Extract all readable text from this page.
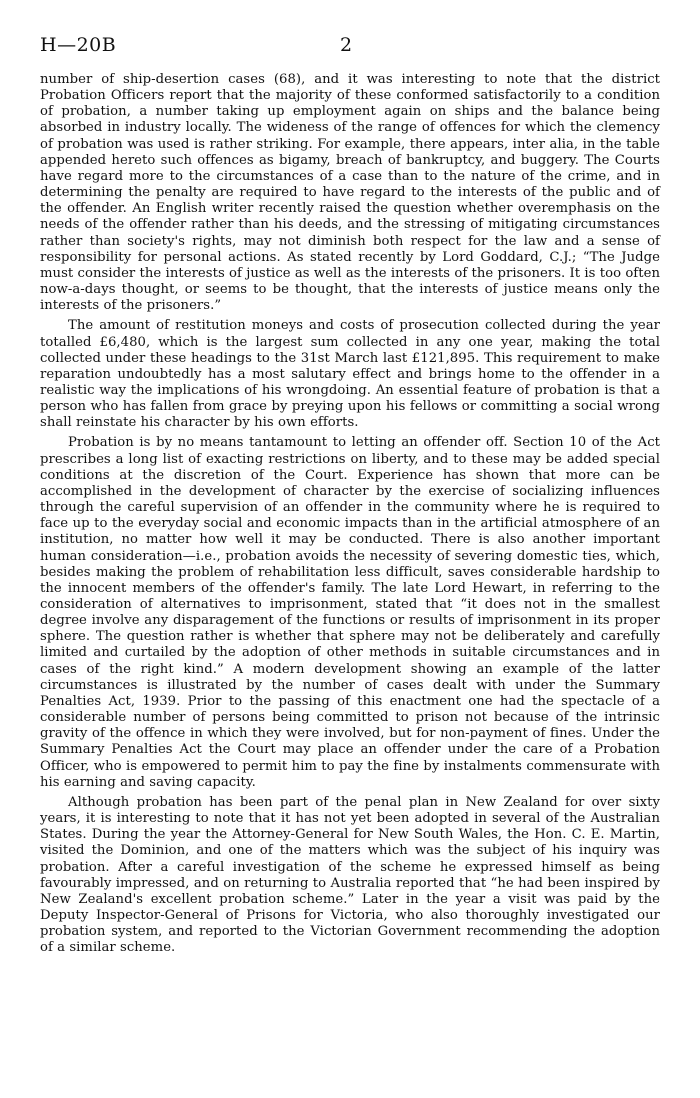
H—20B	2

number of ship-desertion cases (68), and it was interesting to note that the district Probation Officers report that the majority of these conformed satisfactorily to a condition of probation, a number taking up employment again on ships and the balance being absorbed in industry locally. The wideness of the range of offences for which the clemency of probation was used is rather striking. For example, there appears, inter alia, in the table appended hereto such offences as bigamy, breach of bankruptcy, and buggery. The Courts have regard more to the circumstances of a case than to the nature of the crime, and in determining the penalty are required to have regard to the interests of the public and of the offender. An English writer recently raised the question whether overemphasis on the needs of the offender rather than his deeds, and the stressing of mitigating circumstances rather than society's rights, may not diminish both respect for the law and a sense of responsibility for personal actions. As stated recently by Lord Goddard, C.J.; “The Judge must consider the interests of justice as well as the interests of the prisoners. It is too often now-a-days thought, or seems to be thought, that the interests of justice means only the interests of the prisoners.”

The amount of restitution moneys and costs of prosecution collected during the year totalled £6,480, which is the largest sum collected in any one year, making the total collected under these headings to the 31st March last £121,895. This requirement to make reparation undoubtedly has a most salutary effect and brings home to the offender in a realistic way the implications of his wrongdoing. An essential feature of probation is that a person who has fallen from grace by preying upon his fellows or committing a social wrong shall reinstate his character by his own efforts.

Probation is by no means tantamount to letting an offender off. Section 10 of the Act prescribes a long list of exacting restrictions on liberty, and to these may be added special conditions at the discretion of the Court. Experience has shown that more can be accomplished in the development of character by the exercise of socializing influences through the careful supervision of an offender in the community where he is required to face up to the everyday social and economic impacts than in the artificial atmosphere of an institution, no matter how well it may be conducted. There is also another important human consideration—i.e., probation avoids the necessity of severing domestic ties, which, besides making the problem of rehabilitation less difficult, saves considerable hardship to the innocent members of the offender's family. The late Lord Hewart, in referring to the consideration of alternatives to imprisonment, stated that “it does not in the smallest degree involve any disparagement of the functions or results of imprisonment in its proper sphere. The question rather is whether that sphere may not be deliberately and carefully limited and curtailed by the adoption of other methods in suitable circumstances and in cases of the right kind.” A modern development showing an example of the latter circumstances is illustrated by the number of cases dealt with under the Summary Penalties Act, 1939. Prior to the passing of this enactment one had the spectacle of a considerable number of persons being committed to prison not because of the intrinsic gravity of the offence in which they were involved, but for non-payment of fines. Under the Summary Penalties Act the Court may place an offender under the care of a Probation Officer, who is empowered to permit him to pay the fine by instalments commensurate with his earning and saving capacity.

Although probation has been part of the penal plan in New Zealand for over sixty years, it is interesting to note that it has not yet been adopted in several of the Australian States. During the year the Attorney-General for New South Wales, the Hon. C. E. Martin, visited the Dominion, and one of the matters which was the subject of his inquiry was probation. After a careful investigation of the scheme he expressed himself as being favourably impressed, and on returning to Australia reported that “he had been inspired by New Zealand's excellent probation scheme.” Later in the year a visit was paid by the Deputy Inspector-General of Prisons for Victoria, who also thoroughly investigated our probation system, and reported to the Victorian Government recommending the adoption of a similar scheme.
